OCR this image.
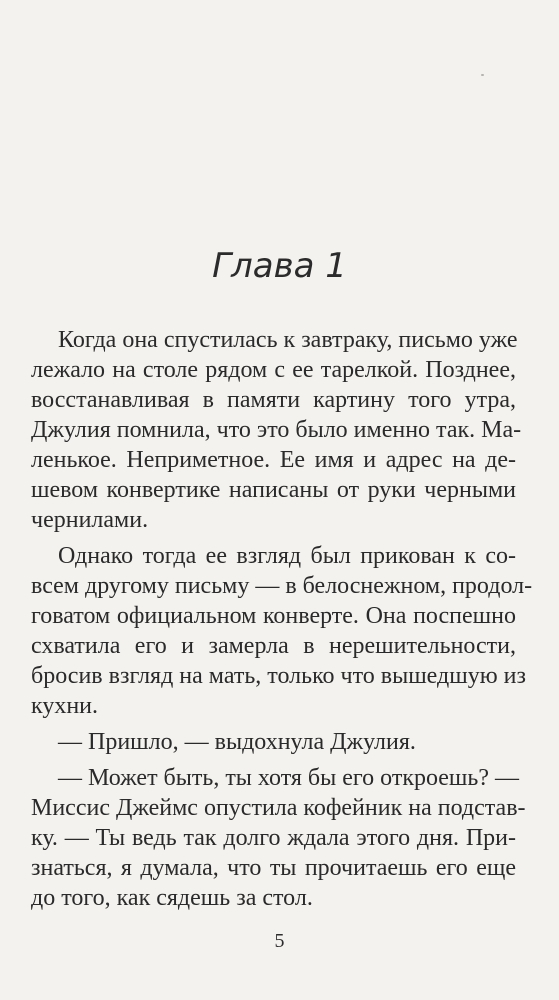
Глава 1

Когда она спустилась к завтраку, письмо уже
лежало на столе рядом с ее тарелкой. Позднее,
восстанавливая в памяти картину того утра,
Джулия помнила, что это было именно так. Ма-
ленькое. Неприметное. Ее имя и адрес на де-
шевом конвертике написаны от руки черными
чернилами.

Однако тогда ее взгляд был прикован к со-
всем другому письму — в белоснежном, продол-
говатом официальном конверте. Она поспешно
схватила его и замерла в нерешительности,
бросив взгляд на мать, только что вышедшую из
кухни.

— Пришло, — выдохнула Джулия.

— Может быть, ты хотя бы его откроешь? —
Миссис Джеймс опустила кофейник на подстав-
ку. — Ты ведь так долго ждала этого дня. При-
знаться, я думала, что ты прочитаешь его еще
до того, как сядешь за стол.

5
